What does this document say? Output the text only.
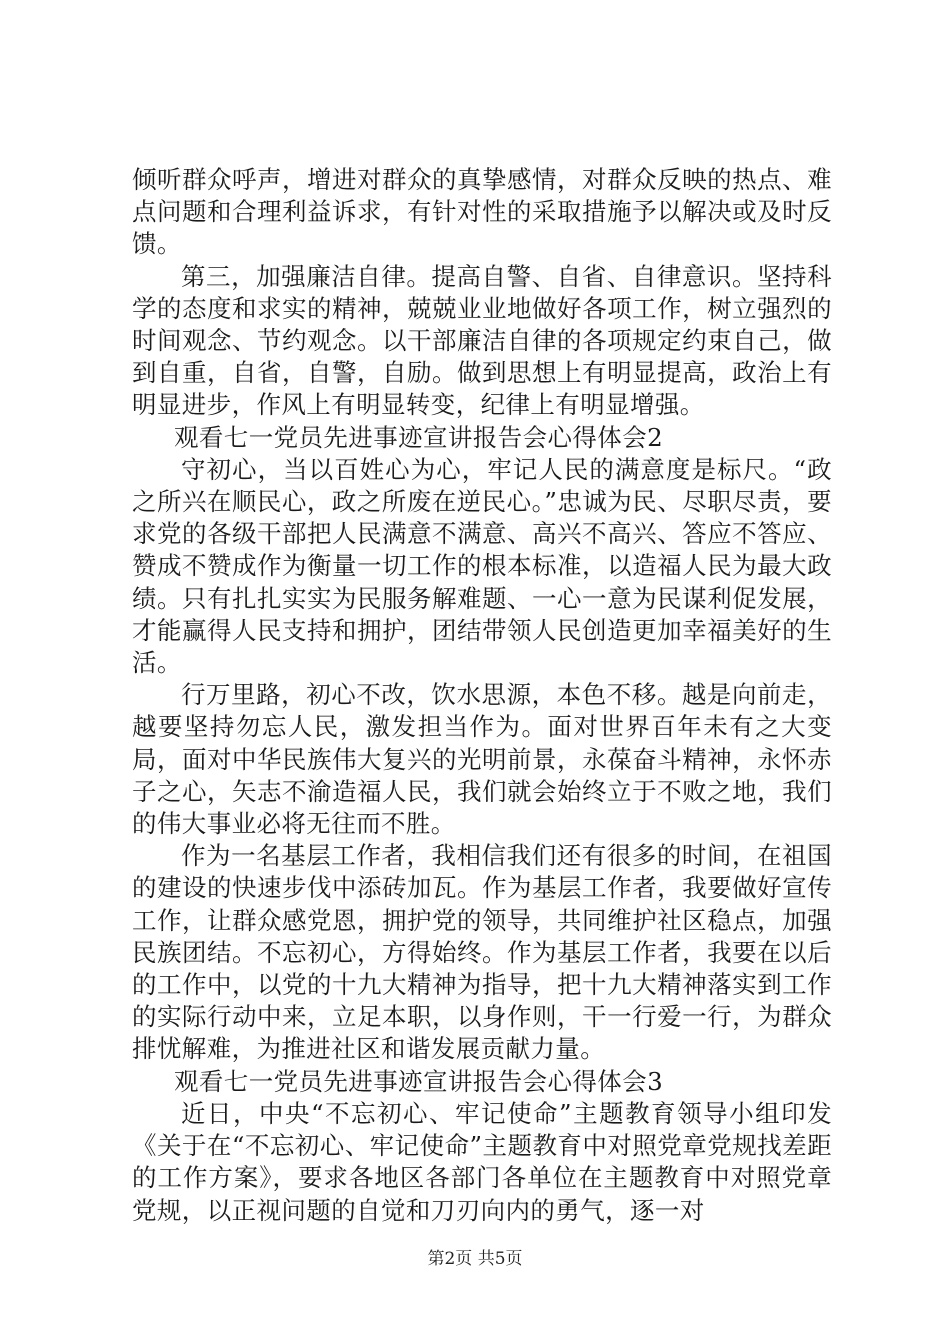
倾听群众呼声，增进对群众的真挚感情，对群众反映的热点、难点问题和合理利益诉求，有针对性的采取措施予以解决或及时反馈。

第三，加强廉洁自律。提高自警、自省、自律意识。坚持科学的态度和求实的精神，兢兢业业地做好各项工作，树立强烈的时间观念、节约观念。以干部廉洁自律的各项规定约束自己，做到自重，自省，自警，自励。做到思想上有明显提高，政治上有明显进步，作风上有明显转变，纪律上有明显增强。

观看七一党员先进事迹宣讲报告会心得体会2

守初心，当以百姓心为心，牢记人民的满意度是标尺。“政之所兴在顺民心，政之所废在逆民心。”忠诚为民、尽职尽责，要求党的各级干部把人民满意不满意、高兴不高兴、答应不答应、赞成不赞成作为衡量一切工作的根本标准，以造福人民为最大政绩。只有扎扎实实为民服务解难题、一心一意为民谋利促发展，才能赢得人民支持和拥护，团结带领人民创造更加幸福美好的生活。

行万里路，初心不改，饮水思源，本色不移。越是向前走，越要坚持勿忘人民，激发担当作为。面对世界百年未有之大变局，面对中华民族伟大复兴的光明前景，永葆奋斗精神，永怀赤子之心，矢志不渝造福人民，我们就会始终立于不败之地，我们的伟大事业必将无往而不胜。

作为一名基层工作者，我相信我们还有很多的时间，在祖国的建设的快速步伐中添砖加瓦。作为基层工作者，我要做好宣传工作，让群众感党恩，拥护党的领导，共同维护社区稳点，加强民族团结。不忘初心，方得始终。作为基层工作者，我要在以后的工作中，以党的十九大精神为指导，把十九大精神落实到工作的实际行动中来，立足本职，以身作则，干一行爱一行，为群众排忧解难，为推进社区和谐发展贡献力量。

观看七一党员先进事迹宣讲报告会心得体会3

近日，中央“不忘初心、牢记使命”主题教育领导小组印发《关于在“不忘初心、牢记使命”主题教育中对照党章党规找差距的工作方案》，要求各地区各部门各单位在主题教育中对照党章党规，以正视问题的自觉和刀刃向内的勇气，逐一对

第2页 共5页
